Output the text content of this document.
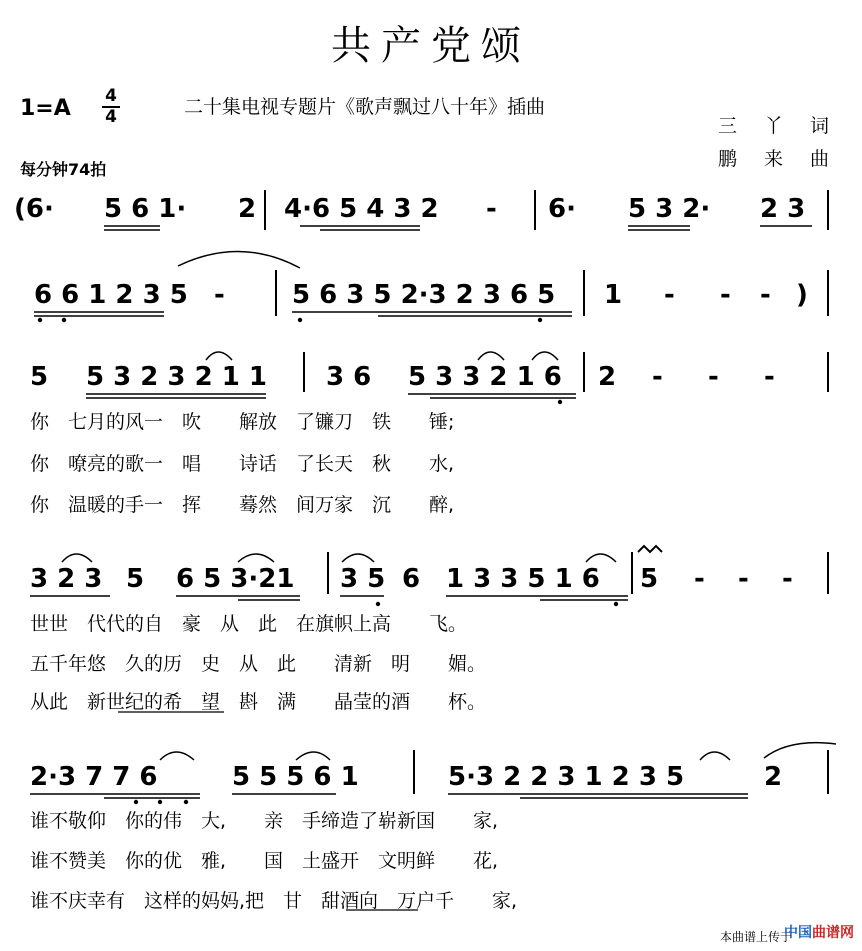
共产党颂
1=A 4
4	二十集电视专题片《歌声飘过八十年》插曲
三　丫　词
鹏　来　曲
每分钟74拍
(6· 5 6 1· 2 4·6 5 4 3 2 - 6· 5 3 2· 2 3
6 6 1 2 3 5 -	5 6 3 5 2·3 2 3 6 5 1 - - - )
5 5 3 2 3 2 1 1 3 6 5 3 3 2 1 6 2 - - -
你　七月的风一　吹　　解放　了镰刀　铁　　锤;
你　嘹亮的歌一　唱　　诗话　了长天　秋　　水,
你　温暖的手一　挥　　蓦然　间万家　沉　　醉,
3 2 3 5 6 5 3·21 3 5 6 1 3 3 5 1 6 5 - - -
世世　代代的自　豪　从　此　在旗帜上高　　飞。
五千年悠　久的历　史　从　此　　清新　明　　媚。
从此　新世纪的希　望　斟　满　　晶莹的酒　　杯。
2·3 7 7 6	5 5 5 6 1	5·3 2 2 3 1 2 3 5	2
谁不敬仰　你的伟　大,　　亲　手缔造了崭新国　　家,
谁不赞美　你的优　雅,　　国　土盛开　文明鲜　　花,
谁不庆幸有　这样的妈妈,把　甘　甜酒向　万户千　　家,
本曲谱上传于
中国曲谱网
